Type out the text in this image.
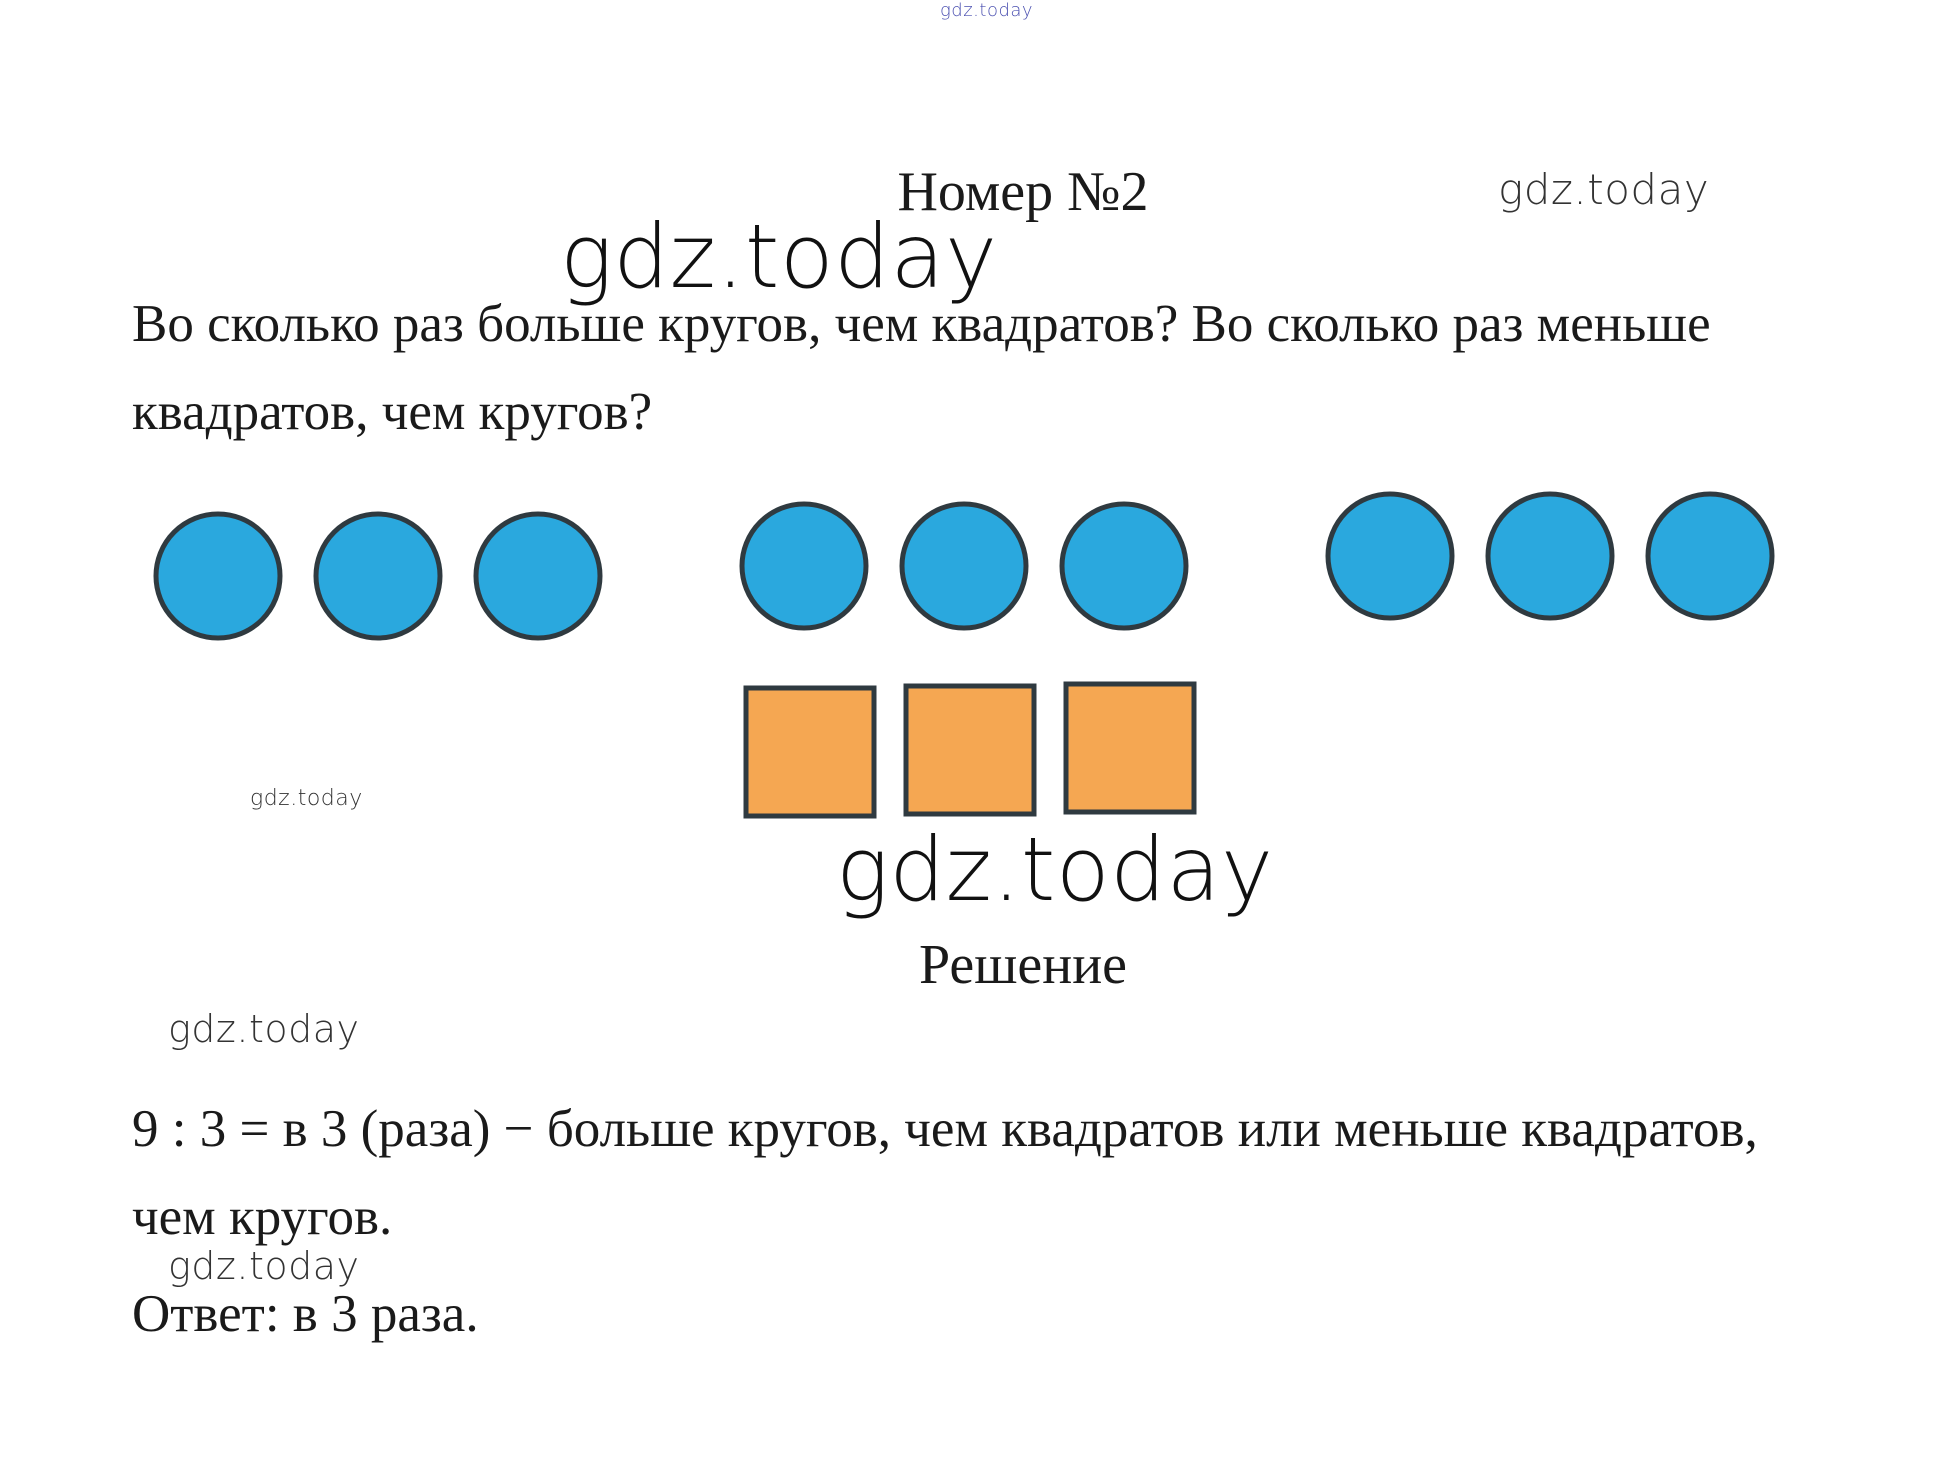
gdz.today
gdz.today
Номер №2
gdz.today
Во сколько раз больше кругов, чем квадратов? Во сколько раз меньше квадратов, чем кругов?
gdz.today
gdz.today
Решение
gdz.today
9 : 3 = в 3 (раза) − больше кругов, чем квадратов или меньше квадратов, чем кругов.
gdz.today
Ответ: в 3 раза.
